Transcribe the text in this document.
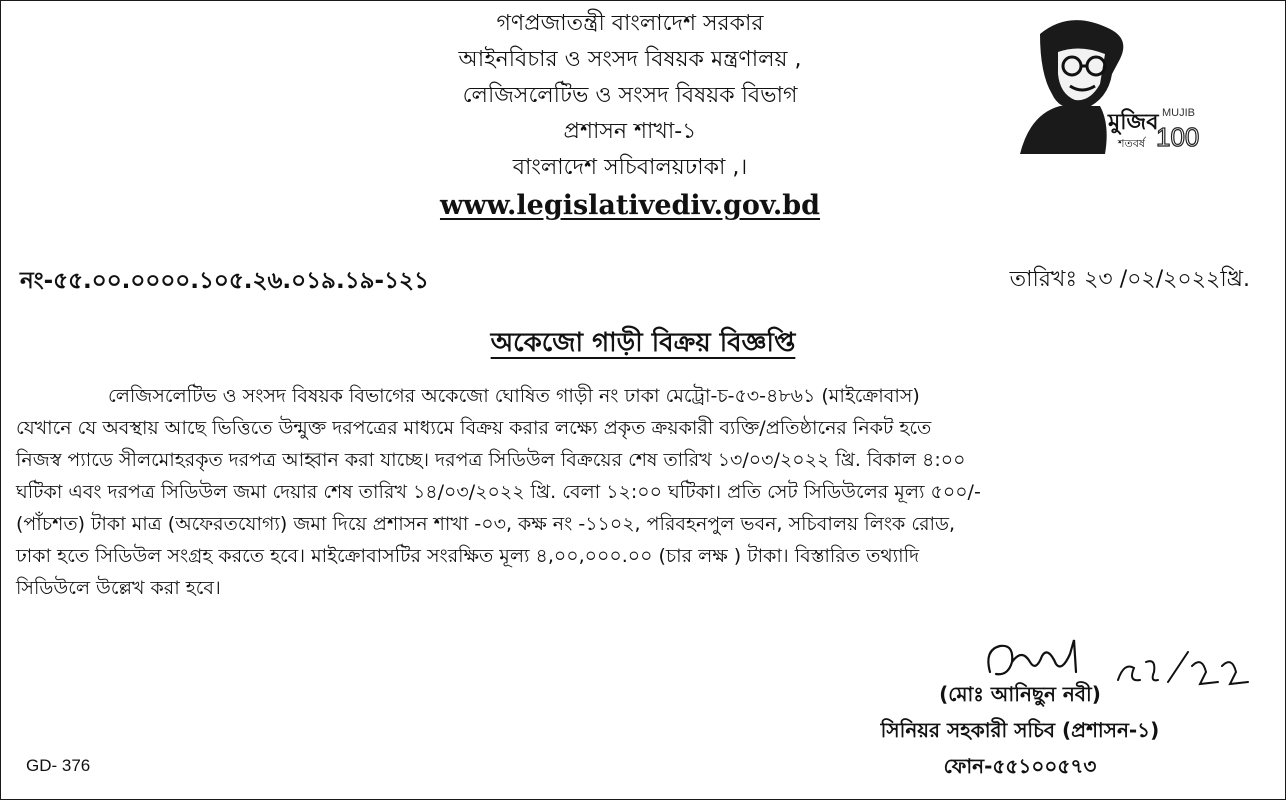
গণপ্রজাতন্ত্রী বাংলাদেশ সরকার
আইনবিচার ও সংসদ বিষয়ক মন্ত্রণালয় ,
লেজিসলেটিভ ও সংসদ বিষয়ক বিভাগ
প্রশাসন শাখা-১
বাংলাদেশ সচিবালয়ঢাকা ,।
www.legislativediv.gov.bd
মুজিব
শতবর্ষ
MUJIB
100
নং-৫৫.০০.০০০০.১০৫.২৬.০১৯.১৯-১২১	তারিখঃ ২৩ /০২/২০২২খ্রি.
অকেজো গাড়ী বিক্রয় বিজ্ঞপ্তি

লেজিসলেটিভ ও সংসদ বিষয়ক বিভাগের অকেজো ঘোষিত গাড়ী নং ঢাকা মেট্রো-চ-৫৩-৪৮৬১ (মাইক্রোবাস)

যেখানে যে অবস্থায় আছে ভিত্তিতে উন্মুক্ত দরপত্রের মাধ্যমে বিক্রয় করার লক্ষ্যে প্রকৃত ক্রয়কারী ব্যক্তি/প্রতিষ্ঠানের নিকট হতে

নিজস্ব প্যাডে সীলমোহরকৃত দরপত্র আহ্বান করা যাচ্ছে। দরপত্র সিডিউল বিক্রয়ের শেষ তারিখ ১৩/০৩/২০২২ খ্রি. বিকাল ৪:০০

ঘটিকা এবং দরপত্র সিডিউল জমা দেয়ার শেষ তারিখ ১৪/০৩/২০২২ খ্রি. বেলা ১২:০০ ঘটিকা। প্রতি সেট সিডিউলের মূল্য ৫০০/-

(পাঁচশত) টাকা মাত্র (অফেরতযোগ্য) জমা দিয়ে প্রশাসন শাখা -০৩, কক্ষ নং -১১০২, পরিবহনপুল ভবন, সচিবালয় লিংক রোড,

ঢাকা হতে সিডিউল সংগ্রহ করতে হবে। মাইক্রোবাসটির সংরক্ষিত মূল্য ৪,০০,০০০.০০ (চার লক্ষ ) টাকা। বিস্তারিত তথ্যাদি

সিডিউলে উল্লেখ করা হবে।

(মোঃ আনিছুন নবী)
সিনিয়র সহকারী সচিব (প্রশাসন-১)
ফোন-৫৫১০০৫৭৩
GD- 376
